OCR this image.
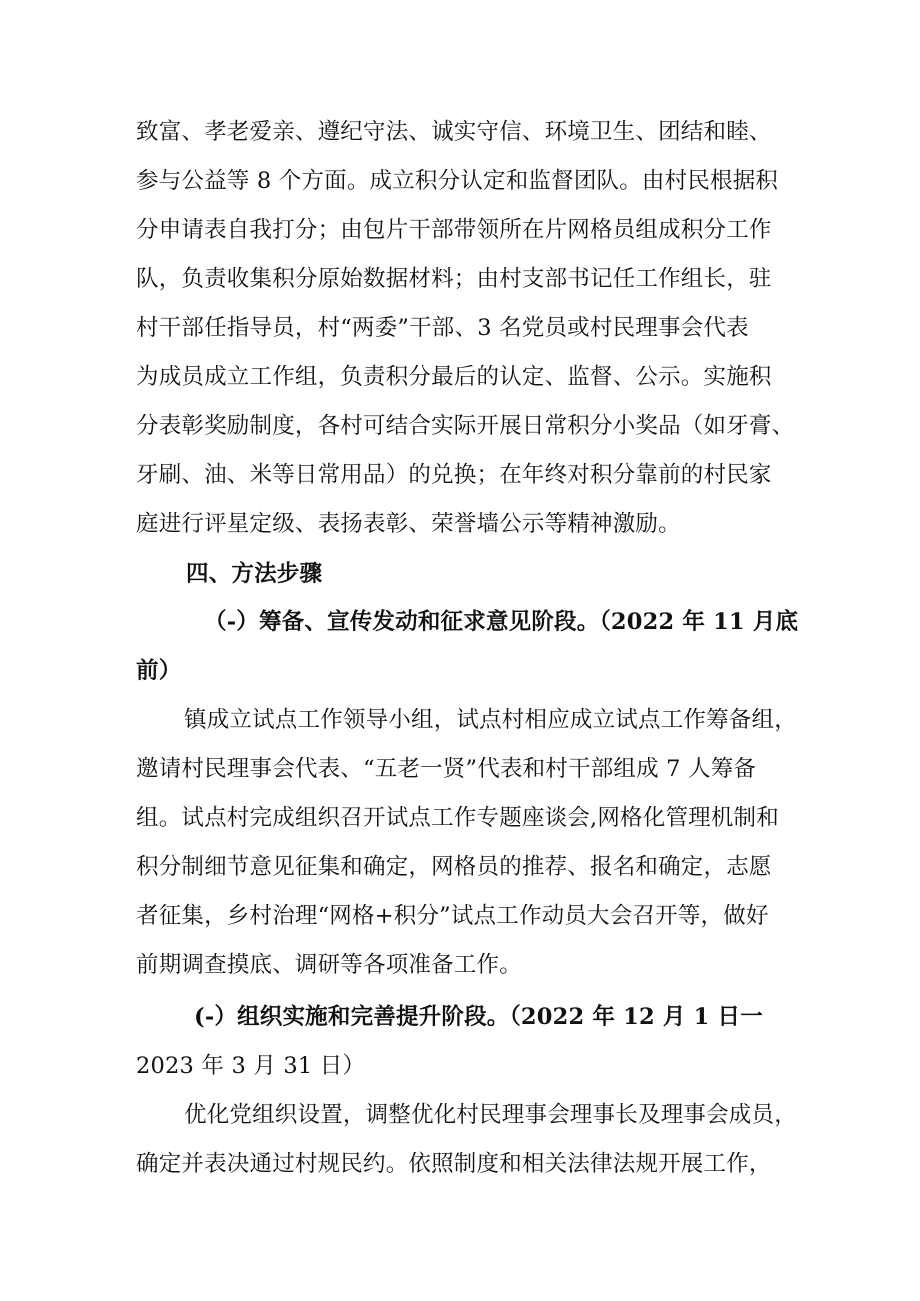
致富、孝老爱亲、遵纪守法、诚实守信、环境卫生、团结和睦、
参与公益等 8 个方面。成立积分认定和监督团队。由村民根据积
分申请表自我打分；由包片干部带领所在片网格员组成积分工作
队，负责收集积分原始数据材料；由村支部书记任工作组长，驻
村干部任指导员，村“两委”干部、3 名党员或村民理事会代表
为成员成立工作组，负责积分最后的认定、监督、公示。实施积
分表彰奖励制度，各村可结合实际开展日常积分小奖品（如牙膏、
牙刷、油、米等日常用品）的兑换；在年终对积分靠前的村民家
庭进行评星定级、表扬表彰、荣誉墙公示等精神激励。
四、方法步骤
（-）筹备、宣传发动和征求意见阶段。（2022 年 11 月底
前）
镇成立试点工作领导小组，试点村相应成立试点工作筹备组，
邀请村民理事会代表、“五老一贤”代表和村干部组成 7 人筹备
组。试点村完成组织召开试点工作专题座谈会,网格化管理机制和
积分制细节意见征集和确定，网格员的推荐、报名和确定，志愿
者征集，乡村治理“网格+积分”试点工作动员大会召开等，做好
前期调查摸底、调研等各项准备工作。
(-）组织实施和完善提升阶段。（2022 年 12 月 1 日一
2023 年 3 月 31 日）
优化党组织设置，调整优化村民理事会理事长及理事会成员，
确定并表决通过村规民约。依照制度和相关法律法规开展工作，
